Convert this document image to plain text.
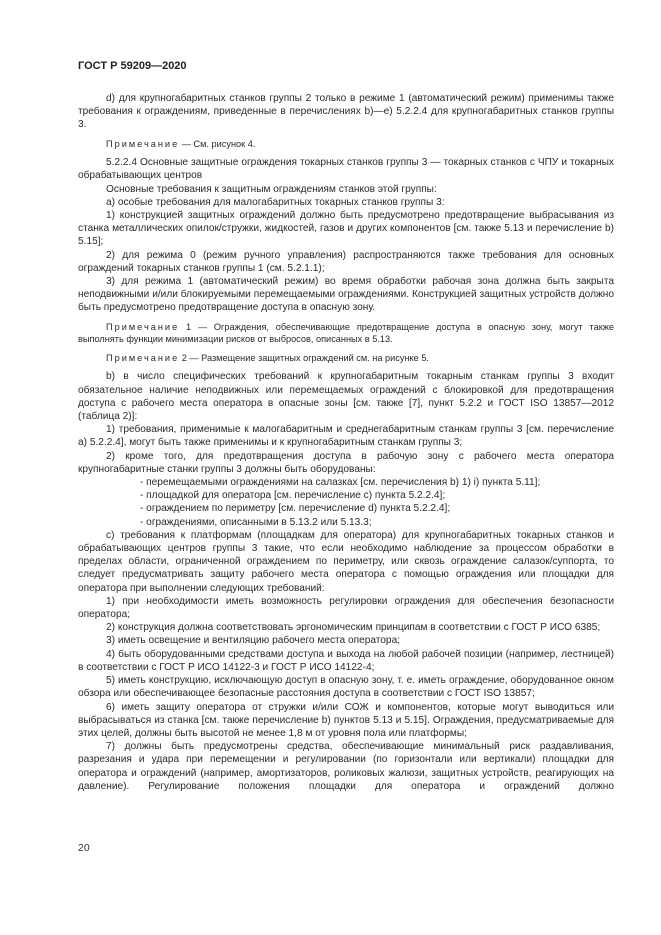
ГОСТ Р 59209—2020

d) для крупногабаритных станков группы 2 только в режиме 1 (автоматический режим) применимы также требования к ограждениям, приведенные в перечислениях b)—e) 5.2.2.4 для крупногабаритных станков группы 3.

Примечание — См. рисунок 4.

5.2.2.4 Основные защитные ограждения токарных станков группы 3 — токарных станков с ЧПУ и токарных обрабатывающих центров

Основные требования к защитным ограждениям станков этой группы:

a) особые требования для малогабаритных токарных станков группы 3:

1) конструкцией защитных ограждений должно быть предусмотрено предотвращение выбрасывания из станка металлических опилок/стружки, жидкостей, газов и других компонентов [см. также 5.13 и перечисление b) 5.15];

2) для режима 0 (режим ручного управления) распространяются также требования для основных ограждений токарных станков группы 1 (см. 5.2.1.1);

3) для режима 1 (автоматический режим) во время обработки рабочая зона должна быть закрыта неподвижными и/или блокируемыми перемещаемыми ограждениями. Конструкцией защитных устройств должно быть предусмотрено предотвращение доступа в опасную зону.

Примечание 1 — Ограждения, обеспечивающие предотвращение доступа в опасную зону, могут также выполнять функции минимизации рисков от выбросов, описанных в 5.13.

Примечание 2 — Размещение защитных ограждений см. на рисунке 5.

b) в число специфических требований к крупногабаритным токарным станкам группы 3 входит обязательное наличие неподвижных или перемещаемых ограждений с блокировкой для предотвращения доступа с рабочего места оператора в опасные зоны [см. также [7], пункт 5.2.2 и ГОСТ ISO 13857—2012 (таблица 2)]:

1) требования, применимые к малогабаритным и среднегабаритным станкам группы 3 [см. перечисление а) 5.2.2.4], могут быть также применимы и к крупногабаритным станкам группы 3;

2) кроме того, для предотвращения доступа в рабочую зону с рабочего места оператора крупногабаритные станки группы 3 должны быть оборудованы:

- перемещаемыми ограждениями на салазках [см. перечисления b) 1) i) пункта 5.11];

- площадкой для оператора [см. перечисление с) пункта 5.2.2.4];

- ограждением по периметру [см. перечисление d) пункта 5.2.2.4];

- ограждениями, описанными в 5.13.2 или 5.13.3;

c) требования к платформам (площадкам для оператора) для крупногабаритных токарных станков и обрабатывающих центров группы 3 такие, что если необходимо наблюдение за процессом обработки в пределах области, ограниченной ограждением по периметру, или сквозь ограждение салазок/суппорта, то следует предусматривать защиту рабочего места оператора с помощью ограждения или площадки для оператора при выполнении следующих требований:

1) при необходимости иметь возможность регулировки ограждения для обеспечения безопасности оператора;

2) конструкция должна соответствовать эргономическим принципам в соответствии с ГОСТ Р ИСО 6385;

3) иметь освещение и вентиляцию рабочего места оператора;

4) быть оборудованными средствами доступа и выхода на любой рабочей позиции (например, лестницей) в соответствии с ГОСТ Р ИСО 14122-3 и ГОСТ Р ИСО 14122-4;

5) иметь конструкцию, исключающую доступ в опасную зону, т. е. иметь ограждение, оборудованное окном обзора или обеспечивающее безопасные расстояния доступа в соответствии с ГОСТ ISO 13857;

6) иметь защиту оператора от стружки и/или СОЖ и компонентов, которые могут выводиться или выбрасываться из станка [см. также перечисление b) пунктов 5.13 и 5.15]. Ограждения, предусматриваемые для этих целей, должны быть высотой не менее 1,8 м от уровня пола или платформы;

7) должны быть предусмотрены средства, обеспечивающие минимальный риск раздавливания, разрезания и удара при перемещении и регулировании (по горизонтали или вертикали) площадки для оператора и ограждений (например, амортизаторов, роликовых жалюзи, защитных устройств, реагирующих на давление). Регулирование положения площадки для оператора и ограждений должно

20
